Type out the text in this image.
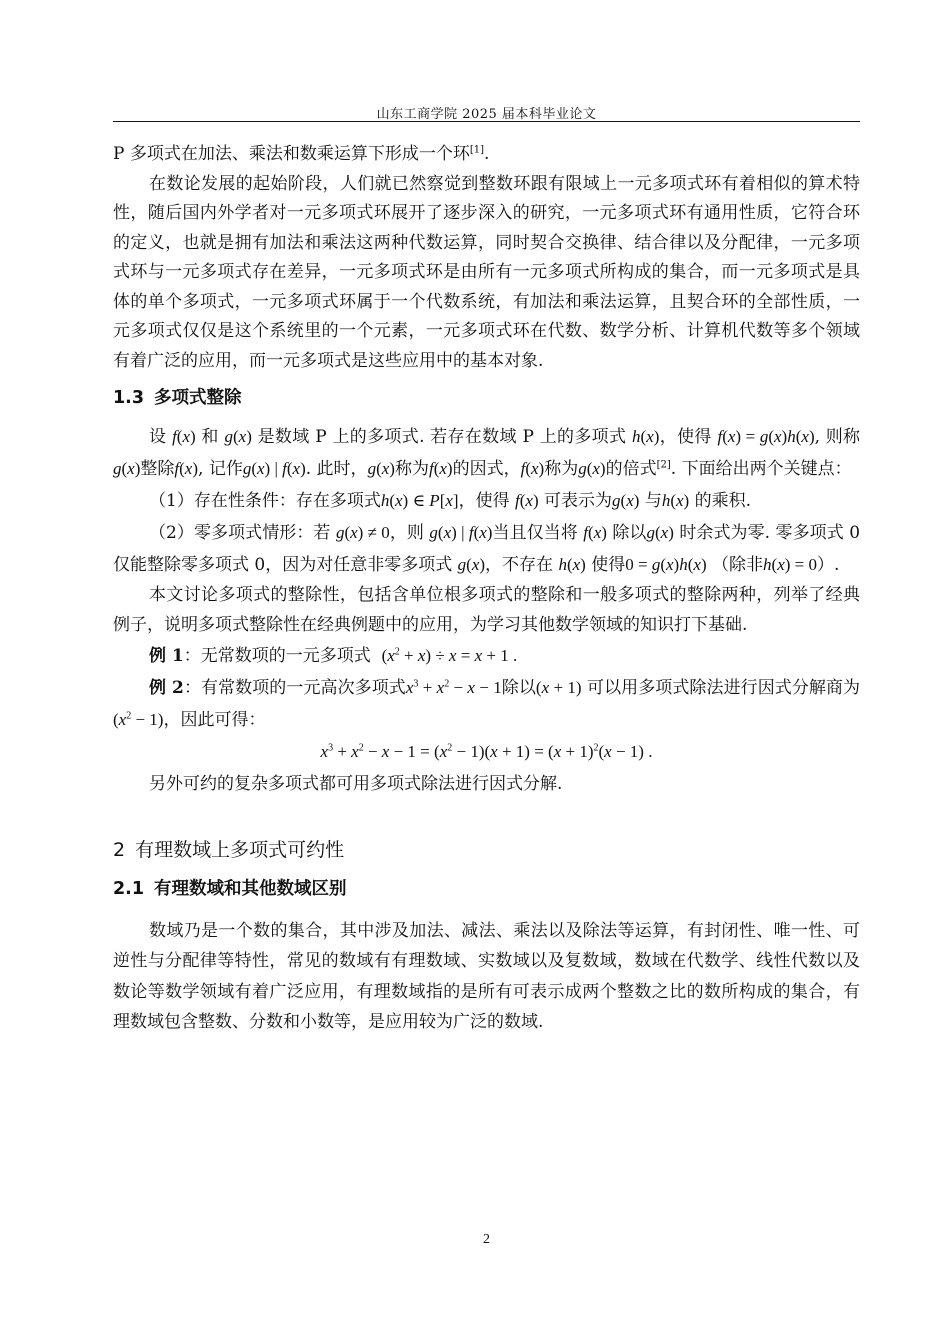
山东工商学院 2025 届本科毕业论文

P 多项式在加法、乘法和数乘运算下形成一个环[1].

在数论发展的起始阶段，人们就已然察觉到整数环跟有限域上一元多项式环有着相似的算术特性，随后国内外学者对一元多项式环展开了逐步深入的研究，一元多项式环有通用性质，它符合环的定义，也就是拥有加法和乘法这两种代数运算，同时契合交换律、结合律以及分配律，一元多项式环与一元多项式存在差异，一元多项式环是由所有一元多项式所构成的集合，而一元多项式是具体的单个多项式，一元多项式环属于一个代数系统，有加法和乘法运算，且契合环的全部性质，一元多项式仅仅是这个系统里的一个元素，一元多项式环在代数、数学分析、计算机代数等多个领域有着广泛的应用，而一元多项式是这些应用中的基本对象.

1.3 多项式整除

设 f(x) 和 g(x) 是数域 P 上的多项式. 若存在数域 P 上的多项式 h(x)，使得 f(x) = g(x)h(x), 则称g(x)整除f(x), 记作g(x) | f(x). 此时，g(x)称为f(x)的因式，f(x)称为g(x)的倍式[2]. 下面给出两个关键点：

（1）存在性条件：存在多项式h(x) ∈ P[x]，使得 f(x) 可表示为g(x) 与h(x) 的乘积.

（2）零多项式情形：若 g(x) ≠ 0，则 g(x) | f(x)当且仅当将 f(x) 除以g(x) 时余式为零. 零多项式 0 仅能整除零多项式 0，因为对任意非零多项式 g(x)，不存在 h(x) 使得0 = g(x)h(x) （除非h(x) = 0）.

本文讨论多项式的整除性，包括含单位根多项式的整除和一般多项式的整除两种，列举了经典例子，说明多项式整除性在经典例题中的应用，为学习其他数学领域的知识打下基础.

例 1：无常数项的一元多项式 $(x^2 + x) \div x = x + 1$ .

例 2：有常数项的一元高次多项式$x^3 + x^2 - x - 1$除以(x + 1) 可以用多项式除法进行因式分解商为$(x^2 - 1)$，因此可得：

$x^3 + x^2 - x - 1 = (x^2 - 1)(x + 1) = (x + 1)^2(x - 1)$ .

另外可约的复杂多项式都可用多项式除法进行因式分解.

2 有理数域上多项式可约性
2.1 有理数域和其他数域区别

数域乃是一个数的集合，其中涉及加法、减法、乘法以及除法等运算，有封闭性、唯一性、可逆性与分配律等特性，常见的数域有有理数域、实数域以及复数域，数域在代数学、线性代数以及数论等数学领域有着广泛应用，有理数域指的是所有可表示成两个整数之比的数所构成的集合，有理数域包含整数、分数和小数等，是应用较为广泛的数域.

2
